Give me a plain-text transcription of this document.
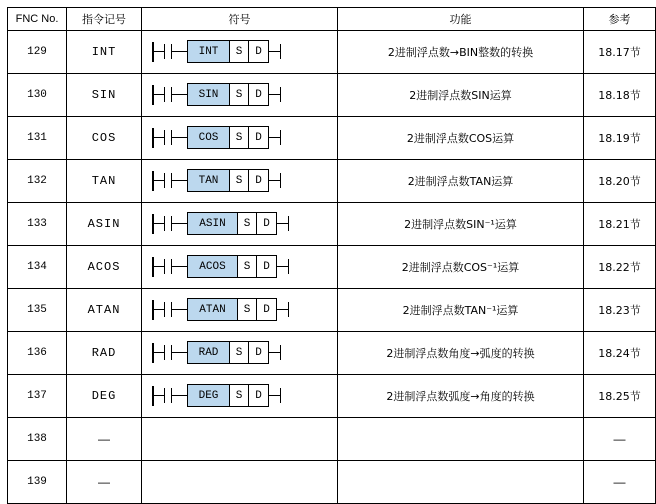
FNC No.	指令记号	符号	功能	参考
129	INT	INT S D	2进制浮点数→BIN整数的转换	18.17节
130	SIN	SIN S D	2进制浮点数SIN运算	18.18节
131	COS	COS S D	2进制浮点数COS运算	18.19节
132	TAN	TAN S D	2进制浮点数TAN运算	18.20节
133	ASIN	ASIN S D	2进制浮点数SIN⁻¹运算	18.21节
134	ACOS	ACOS S D	2进制浮点数COS⁻¹运算	18.22节
135	ATAN	ATAN S D	2进制浮点数TAN⁻¹运算	18.23节
136	RAD	RAD S D	2进制浮点数角度→弧度的转换	18.24节
137	DEG	DEG S D	2进制浮点数弧度→角度的转换	18.25节
138	—			—
139	—			—
